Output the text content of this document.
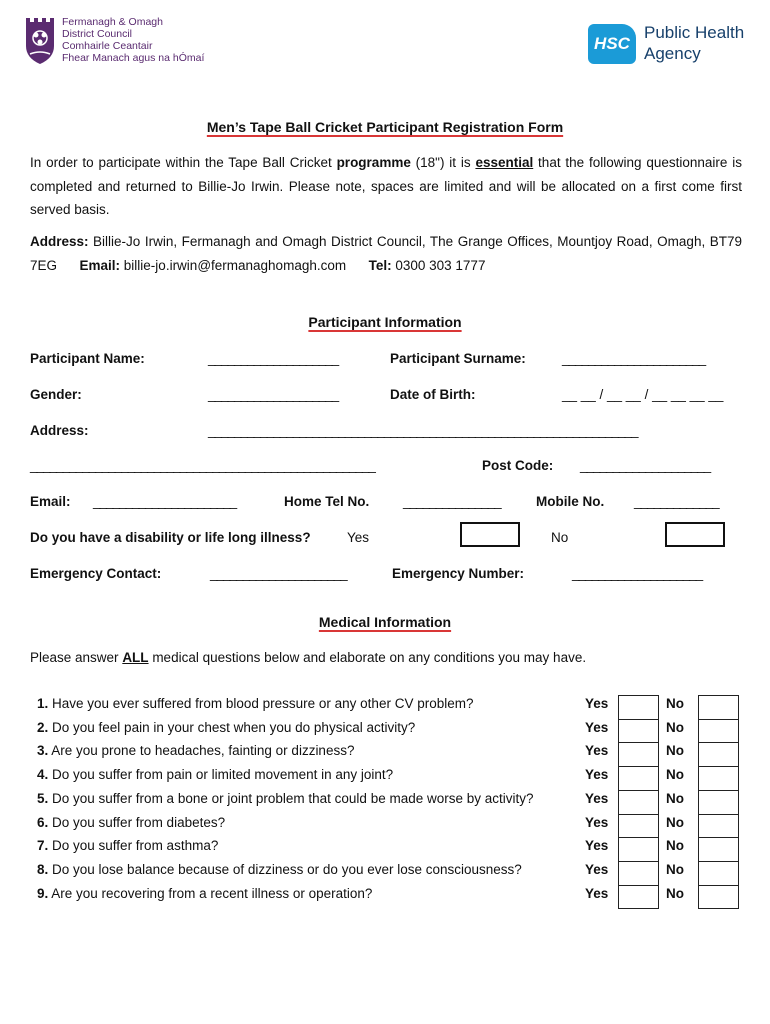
Fermanagh & Omagh
District Council
Comhairle Ceantair
Fhear Manach agus na hÓmaí
HSC
Public Health
Agency
Men’s Tape Ball Cricket Participant Registration Form
In order to participate within the Tape Ball Cricket programme (18") it is essential that the following questionnaire is completed and returned to Billie-Jo Irwin. Please note, spaces are limited and will be allocated on a first come first served basis.
Address: Billie-Jo Irwin, Fermanagh and Omagh District Council, The Grange Offices, Mountjoy Road, Omagh, BT79 7EG Email: billie-jo.irwin@fermanaghomagh.com Tel: 0300 303 1777
Participant Information
Participant Name:	____________________	Participant Surname:	______________________
Gender:	____________________	Date of Birth:	__ __ / __ __ / __ __ __ __
Address:	__________________________________________________________________
_____________________________________________________	Post Code: ____________________
Email: ______________________	Home Tel No. _______________	Mobile No. _____________
Do you have a disability or life long illness?	Yes	No
Emergency Contact:	_____________________	Emergency Number:	____________________
Medical Information
Please answer ALL medical questions below and elaborate on any conditions you may have.
1. Have you ever suffered from blood pressure or any other CV problem?	Yes	No
2. Do you feel pain in your chest when you do physical activity?	Yes	No
3. Are you prone to headaches, fainting or dizziness?	Yes	No
4. Do you suffer from pain or limited movement in any joint?	Yes	No
5. Do you suffer from a bone or joint problem that could be made worse by activity?	Yes	No
6. Do you suffer from diabetes?	Yes	No
7. Do you suffer from asthma?	Yes	No
8. Do you lose balance because of dizziness or do you ever lose consciousness?	Yes	No
9. Are you recovering from a recent illness or operation?	Yes	No
